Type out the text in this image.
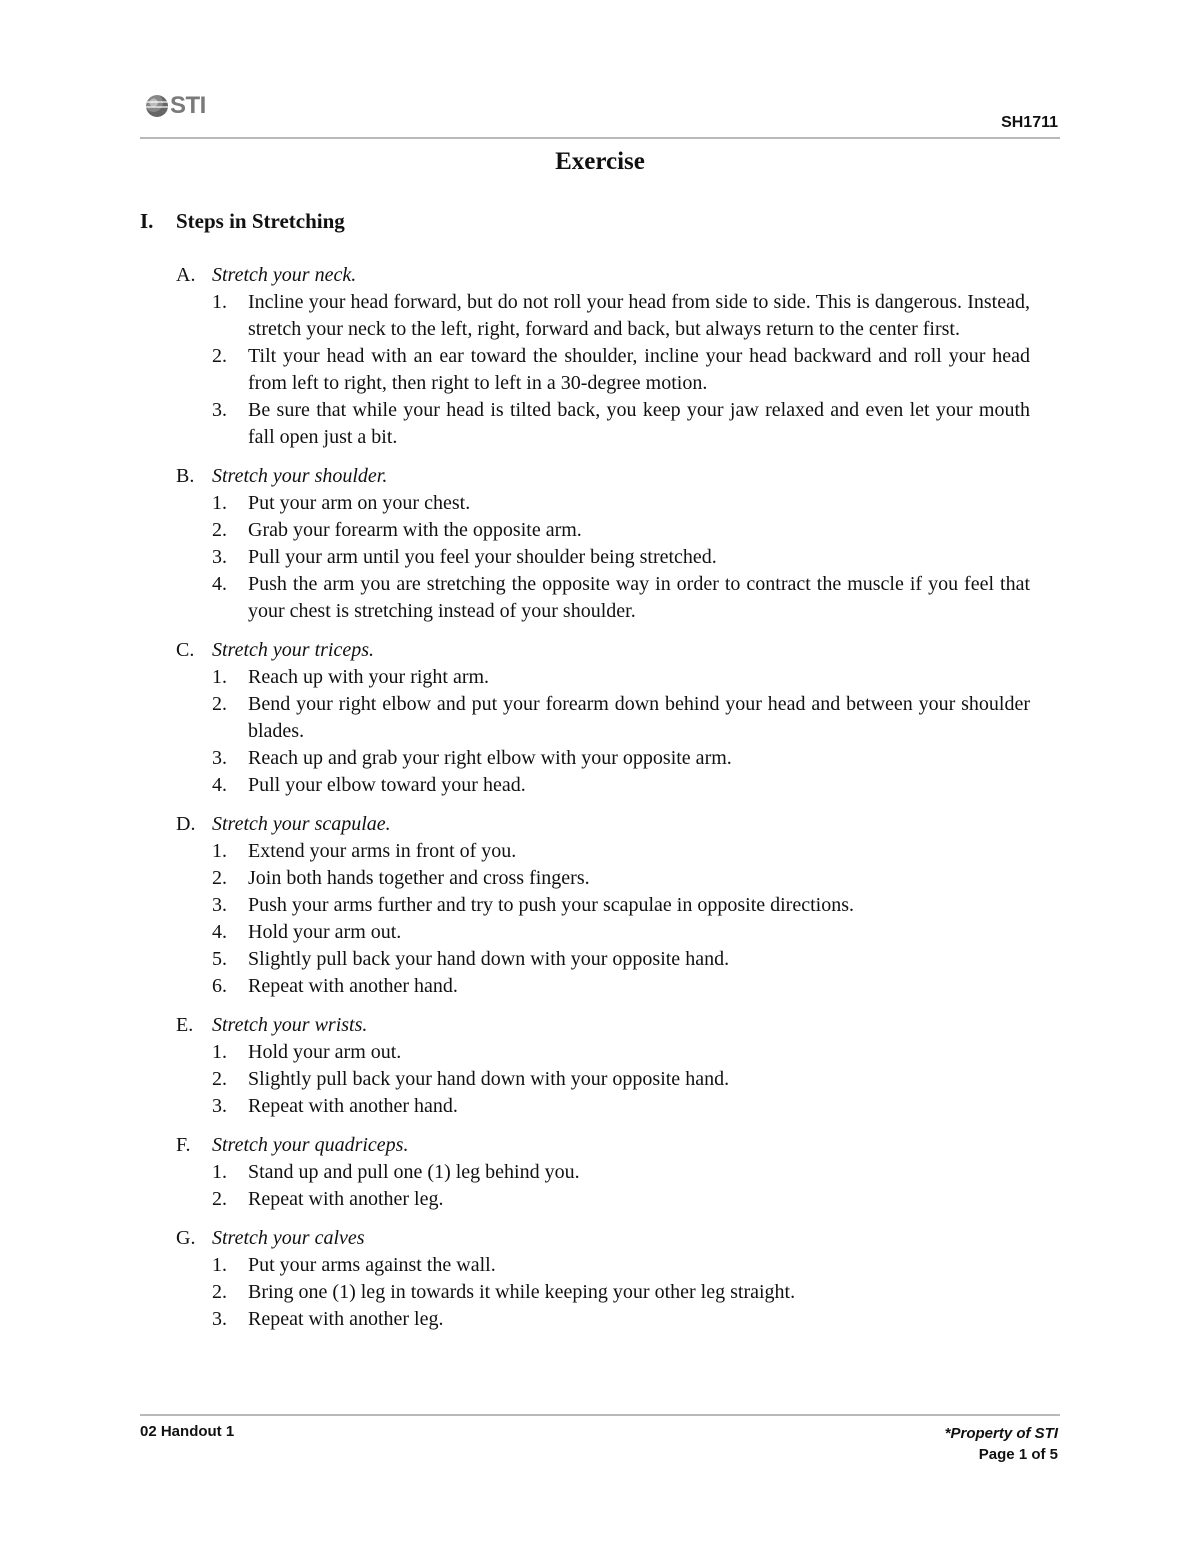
STI
SH1711
Exercise
I.	Steps in Stretching
A. Stretch your neck.
1.	Incline your head forward, but do not roll your head from side to side. This is dangerous. Instead, stretch your neck to the left, right, forward and back, but always return to the center first.
2.	Tilt your head with an ear toward the shoulder, incline your head backward and roll your head from left to right, then right to left in a 30-degree motion.
3.	Be sure that while your head is tilted back, you keep your jaw relaxed and even let your mouth fall open just a bit.
B. Stretch your shoulder.
1.	Put your arm on your chest.
2.	Grab your forearm with the opposite arm.
3.	Pull your arm until you feel your shoulder being stretched.
4.	Push the arm you are stretching the opposite way in order to contract the muscle if you feel that your chest is stretching instead of your shoulder.
C. Stretch your triceps.
1.	Reach up with your right arm.
2.	Bend your right elbow and put your forearm down behind your head and between your shoulder blades.
3.	Reach up and grab your right elbow with your opposite arm.
4.	Pull your elbow toward your head.
D. Stretch your scapulae.
1.	Extend your arms in front of you.
2.	Join both hands together and cross fingers.
3.	Push your arms further and try to push your scapulae in opposite directions.
4.	Hold your arm out.
5.	Slightly pull back your hand down with your opposite hand.
6.	Repeat with another hand.
E. Stretch your wrists.
1.	Hold your arm out.
2.	Slightly pull back your hand down with your opposite hand.
3.	Repeat with another hand.
F.	Stretch your quadriceps.
1.	Stand up and pull one (1) leg behind you.
2.	Repeat with another leg.
G. Stretch your calves
1.	Put your arms against the wall.
2.	Bring one (1) leg in towards it while keeping your other leg straight.
3.	Repeat with another leg.
02 Handout 1	*Property of STI
Page 1 of 5
